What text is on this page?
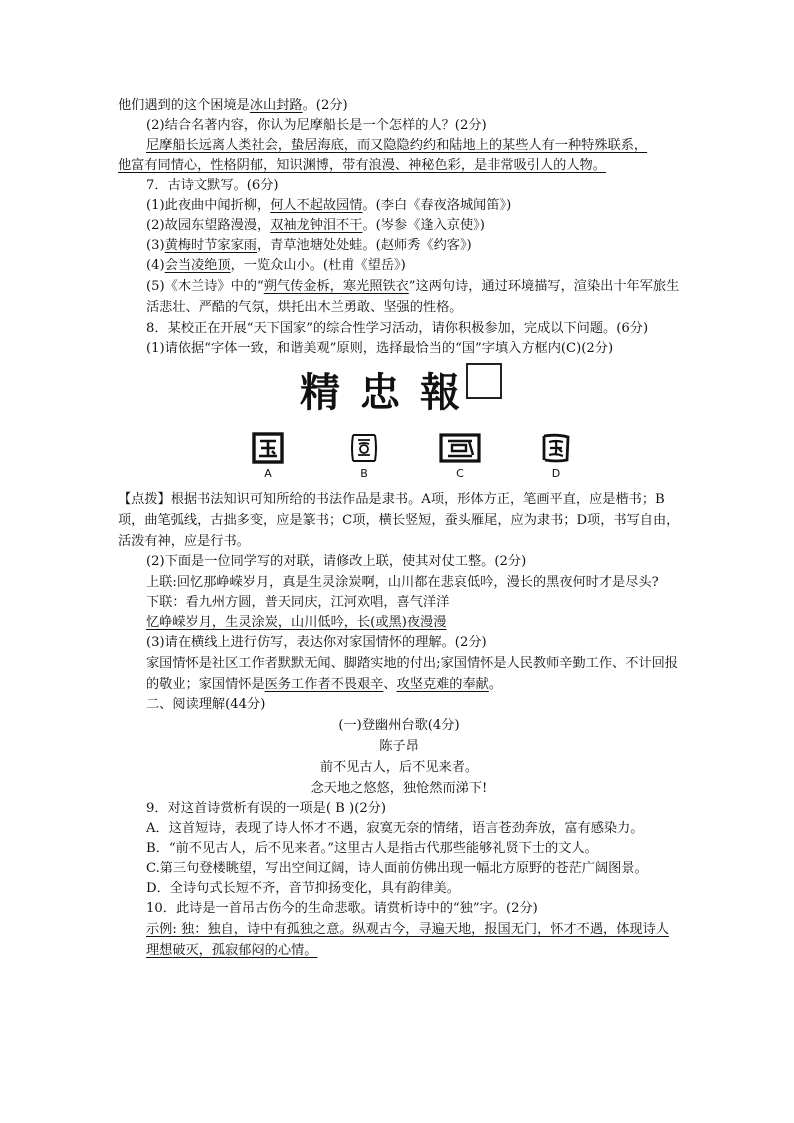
他们遇到的这个困境是冰山封路。(2分)

(2)结合名著内容，你认为尼摩船长是一个怎样的人？(2分)

尼摩船长远离人类社会，蛰居海底，而又隐隐约约和陆地上的某些人有一种特殊联系，

他富有同情心，性格阴郁，知识渊博，带有浪漫、神秘色彩，是非常吸引人的人物。

7．古诗文默写。(6分)

(1)此夜曲中闻折柳，何人不起故园情。(李白《春夜洛城闻笛》)

(2)故园东望路漫漫，双袖龙钟泪不干。(岑参《逢入京使》)

(3)黄梅时节家家雨，青草池塘处处蛙。(赵师秀《约客》)

(4)会当凌绝顶，一览众山小。(杜甫《望岳》)

(5)《木兰诗》中的“朔气传金柝，寒光照铁衣”这两句诗，通过环境描写，渲染出十年军旅生活悲壮、严酷的气氛，烘托出木兰勇敢、坚强的性格。

8．某校正在开展“天下国家”的综合性学习活动，请你积极参加，完成以下问题。(6分)

(1)请依据“字体一致，和谐美观”原则，选择最恰当的“国”字填入方框内(C)(2分)

精忠報
A	B	C	D

【点拨】根据书法知识可知所给的书法作品是隶书。A项，形体方正，笔画平直，应是楷书；B项，曲笔弧线，古拙多变，应是篆书；C项，横长竖短，蚕头雁尾，应为隶书；D项，书写自由，活泼有神，应是行书。

(2)下面是一位同学写的对联，请修改上联，使其对仗工整。(2分)

上联:回忆那峥嵘岁月，真是生灵涂炭啊，山川都在悲哀低吟，漫长的黑夜何时才是尽头?

下联：看九州方圆，普天同庆，江河欢唱，喜气洋洋

忆峥嵘岁月，生灵涂炭，山川低吟，长(或黑)夜漫漫

(3)请在横线上进行仿写，表达你对家国情怀的理解。(2分)

家国情怀是社区工作者默默无闻、脚踏实地的付出;家国情怀是人民教师辛勤工作、不计回报的敬业；家国情怀是医务工作者不畏艰辛、攻坚克难的奉献。

二、阅读理解(44分)

(一)登幽州台歌(4分)

陈子昂

前不见古人，后不见来者。

念天地之悠悠，独怆然而涕下!

9．对这首诗赏析有误的一项是( B )(2分)

A．这首短诗，表现了诗人怀才不遇，寂寞无奈的情绪，语言苍劲奔放，富有感染力。

B．“前不见古人，后不见来者。”这里古人是指古代那些能够礼贤下士的文人。

C.第三句登楼眺望，写出空间辽阔，诗人面前仿佛出现一幅北方原野的苍茫广阔图景。

D．全诗句式长短不齐，音节抑扬变化，具有韵律美。

10．此诗是一首吊古伤今的生命悲歌。请赏析诗中的“独”字。(2分)

示例: 独：独自，诗中有孤独之意。纵观古今，寻遍天地，报国无门，怀才不遇，体现诗人理想破灭，孤寂郁闷的心情。
